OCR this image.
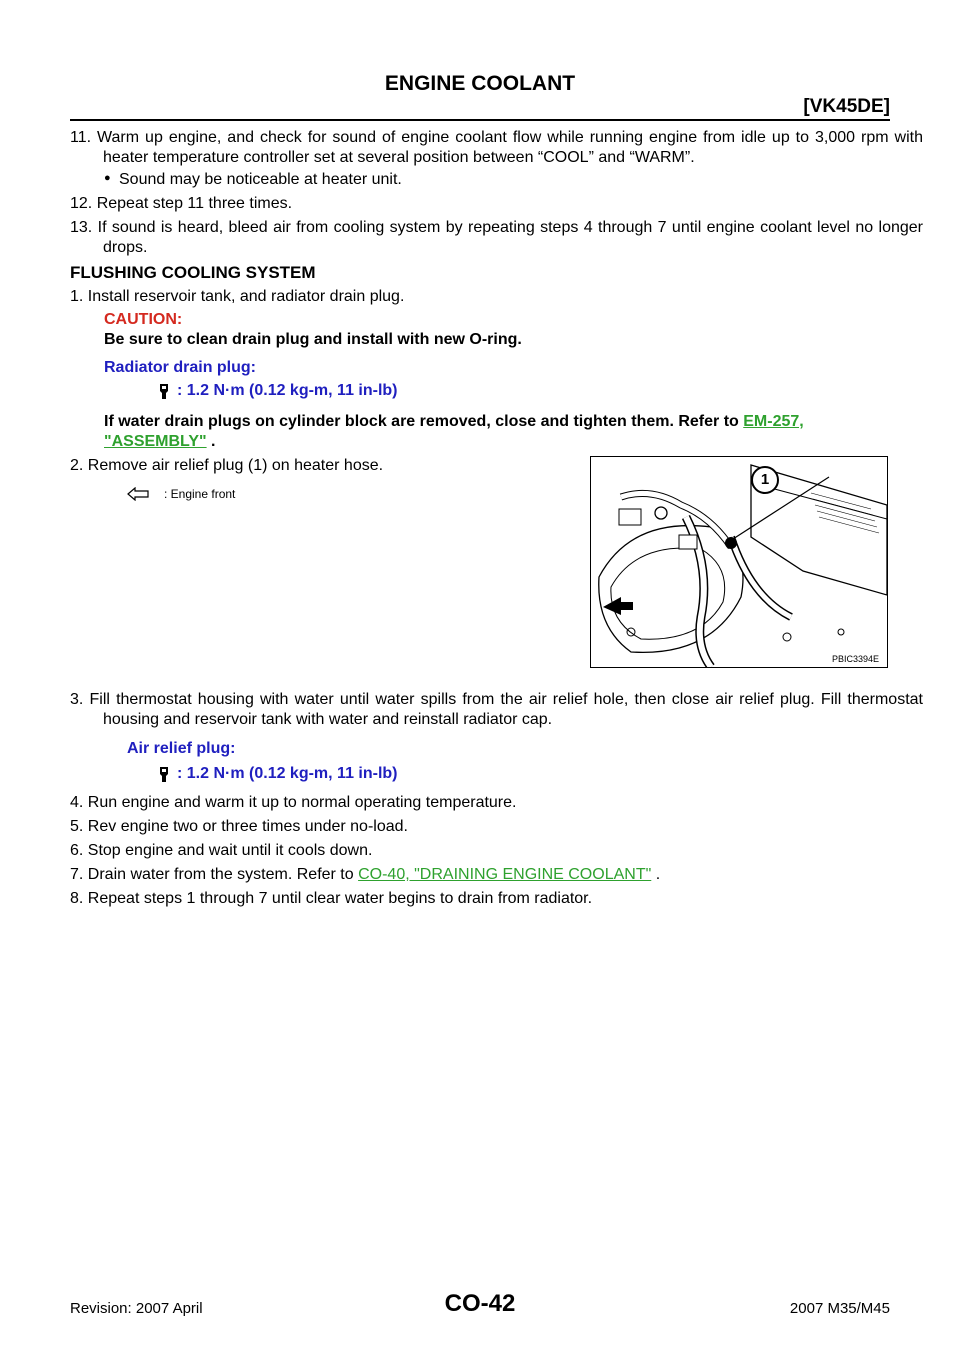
ENGINE COOLANT
[VK45DE]
11. Warm up engine, and check for sound of engine coolant flow while running engine from idle up to 3,000 rpm with heater temperature controller set at several position between “COOL” and “WARM”.
● Sound may be noticeable at heater unit.
12. Repeat step 11 three times.
13. If sound is heard, bleed air from cooling system by repeating steps 4 through 7 until engine coolant level no longer drops.
FLUSHING COOLING SYSTEM
1. Install reservoir tank, and radiator drain plug.
CAUTION:
Be sure to clean drain plug and install with new O-ring.
Radiator drain plug:
: 1.2 N·m (0.12 kg-m, 11 in-lb)
If water drain plugs on cylinder block are removed, close and tighten them. Refer to EM-257,
"ASSEMBLY" .
2. Remove air relief plug (1) on heater hose.
: Engine front
1
PBIC3394E
3. Fill thermostat housing with water until water spills from the air relief hole, then close air relief plug. Fill thermostat housing and reservoir tank with water and reinstall radiator cap.
Air relief plug:
: 1.2 N·m (0.12 kg-m, 11 in-lb)
4. Run engine and warm it up to normal operating temperature.
5. Rev engine two or three times under no-load.
6. Stop engine and wait until it cools down.
7. Drain water from the system. Refer to CO-40, "DRAINING ENGINE COOLANT" .
8. Repeat steps 1 through 7 until clear water begins to drain from radiator.
Revision: 2007 April	CO-42	2007 M35/M45
